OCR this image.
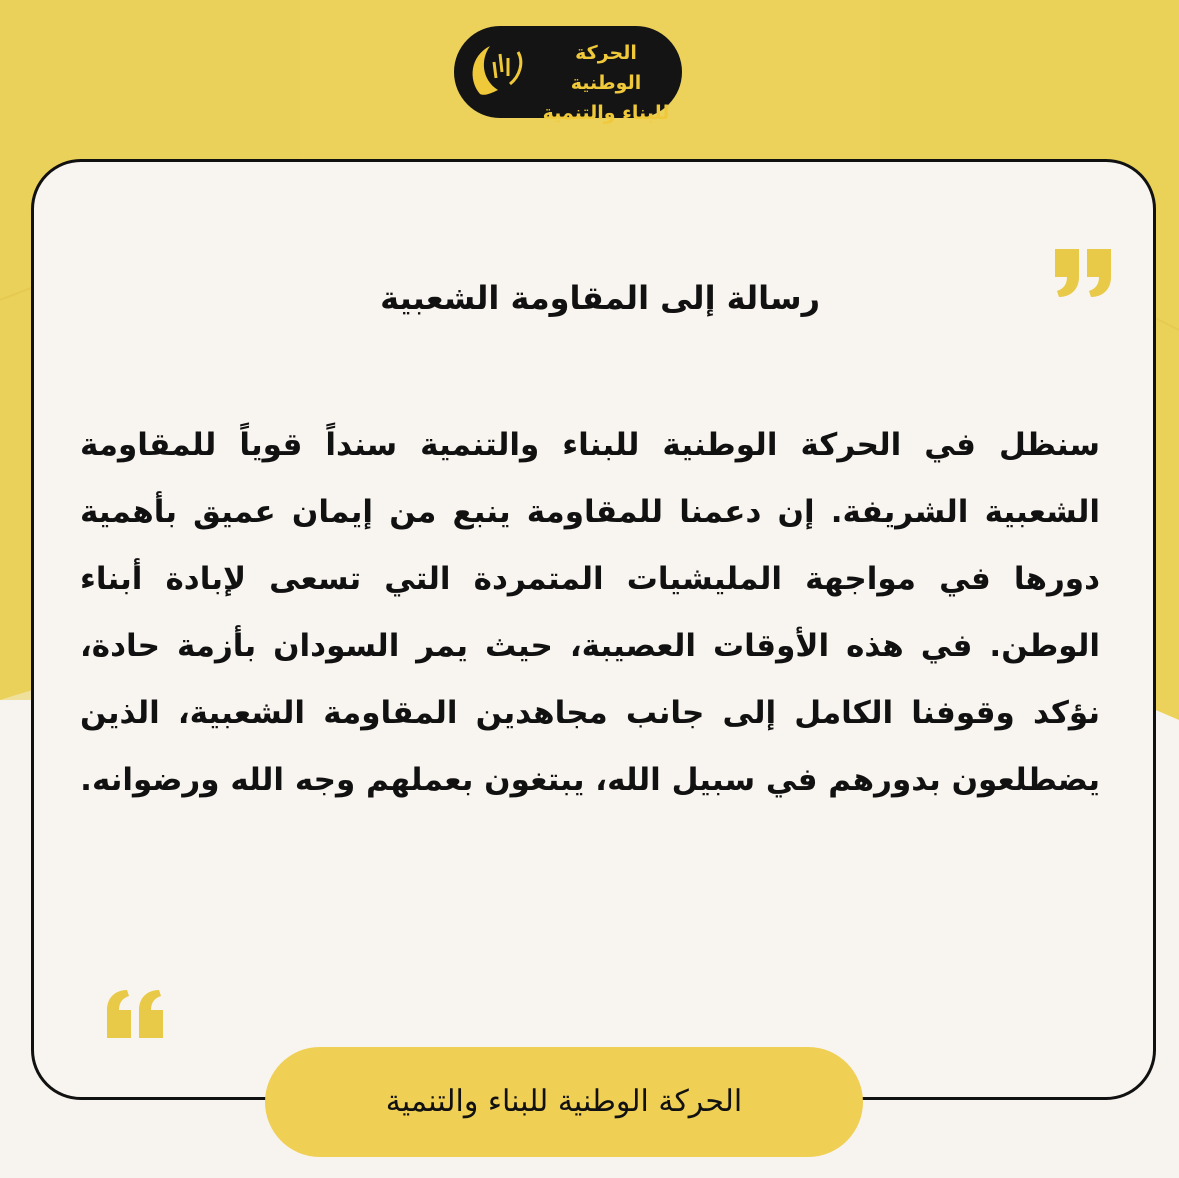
الحركة الوطنية
للبناء والتنمية
رسالة إلى المقاومة الشعبية
سنظل في الحركة الوطنية للبناء والتنمية سنداً قوياً للمقاومة الشعبية الشريفة. إن دعمنا للمقاومة ينبع من إيمان عميق بأهمية دورها في مواجهة المليشيات المتمردة التي تسعى لإبادة أبناء الوطن. في هذه الأوقات العصيبة، حيث يمر السودان بأزمة حادة، نؤكد وقوفنا الكامل إلى جانب مجاهدين المقاومة الشعبية، الذين يضطلعون بدورهم في سبيل الله، يبتغون بعملهم وجه الله ورضوانه.
الحركة الوطنية للبناء والتنمية
